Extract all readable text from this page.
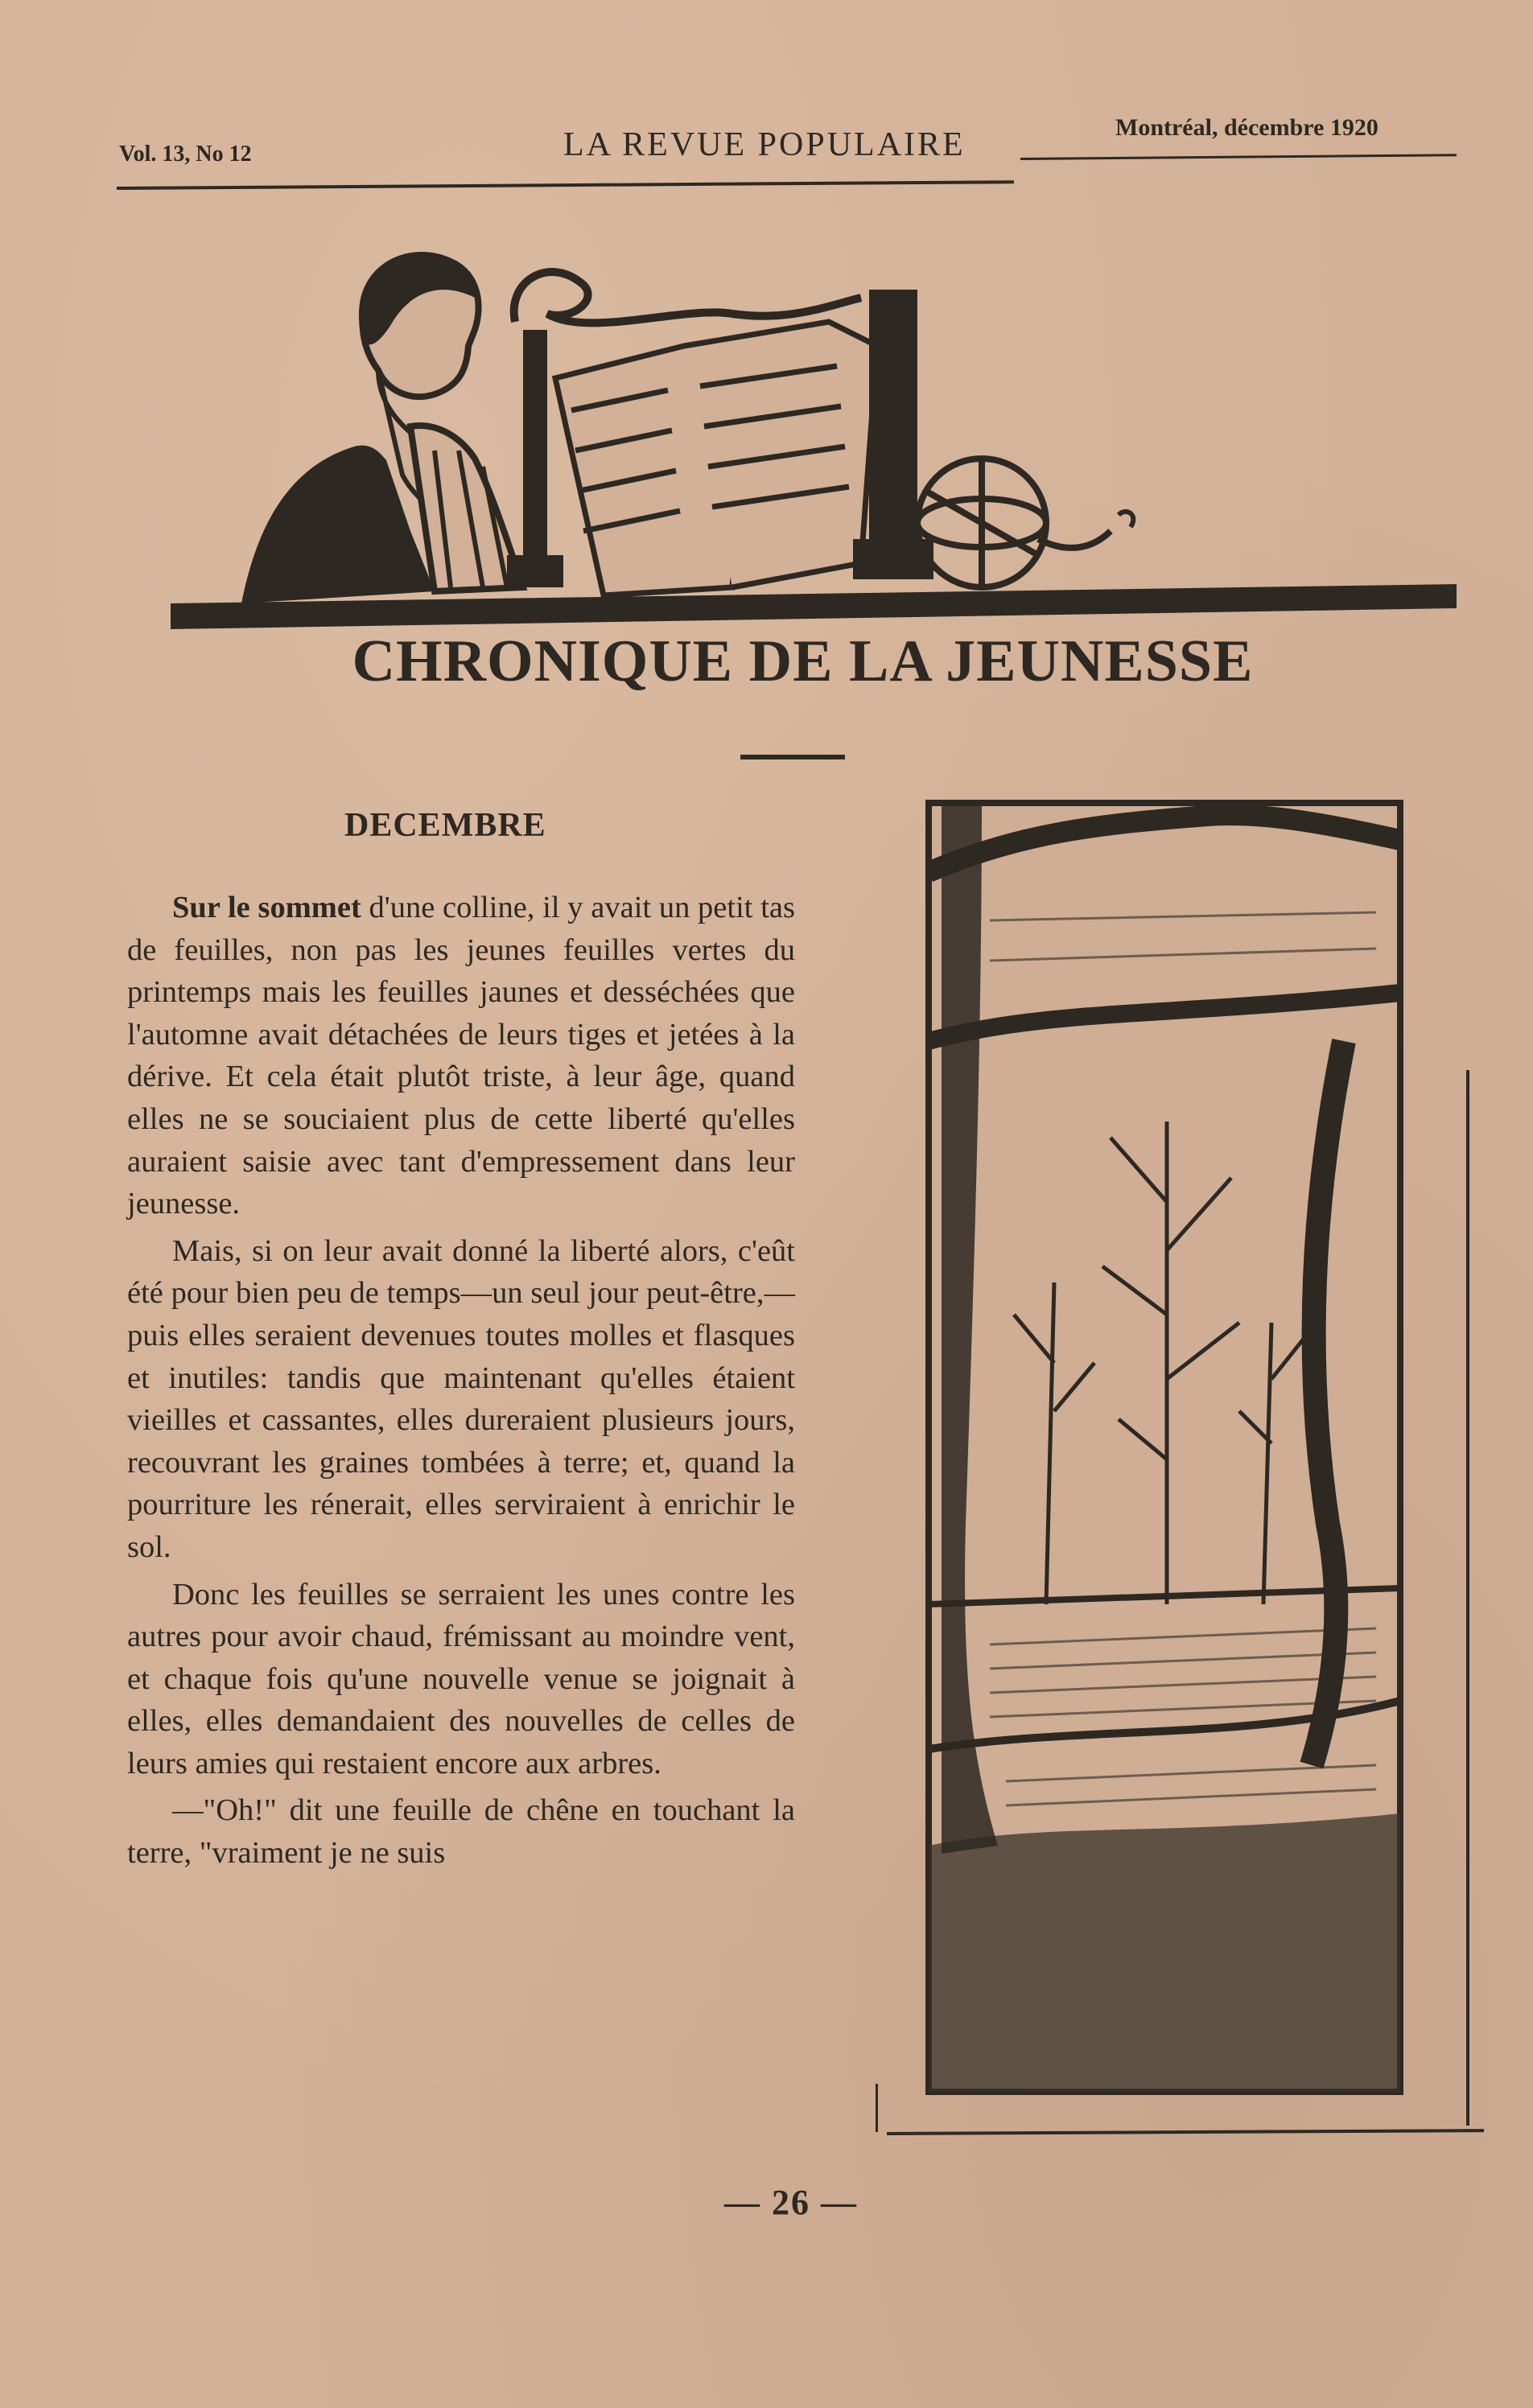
Vol. 13, No 12	LA REVUE POPULAIRE	Montréal, décembre 1920
CHRONIQUE DE LA JEUNESSE
DECEMBRE

Sur le sommet d'une colline, il y avait un petit tas de feuilles, non pas les jeunes feuilles vertes du printemps mais les feuilles jaunes et desséchées que l'automne avait détachées de leurs tiges et jetées à la dérive. Et cela était plutôt triste, à leur âge, quand elles ne se souciaient plus de cette liberté qu'elles auraient saisie avec tant d'empressement dans leur jeunesse.

Mais, si on leur avait donné la liberté alors, c'eût été pour bien peu de temps—un seul jour peut-être,—puis elles seraient devenues toutes molles et flasques et inutiles: tandis que maintenant qu'elles étaient vieilles et cassantes, elles dureraient plusieurs jours, recouvrant les graines tombées à terre; et, quand la pourriture les rénerait, elles serviraient à enrichir le sol.

Donc les feuilles se serraient les unes contre les autres pour avoir chaud, frémissant au moindre vent, et chaque fois qu'une nouvelle venue se joignait à elles, elles demandaient des nouvelles de celles de leurs amies qui restaient encore aux arbres.

—"Oh!" dit une feuille de chêne en touchant la terre, "vraiment je ne suis

— 26 —
